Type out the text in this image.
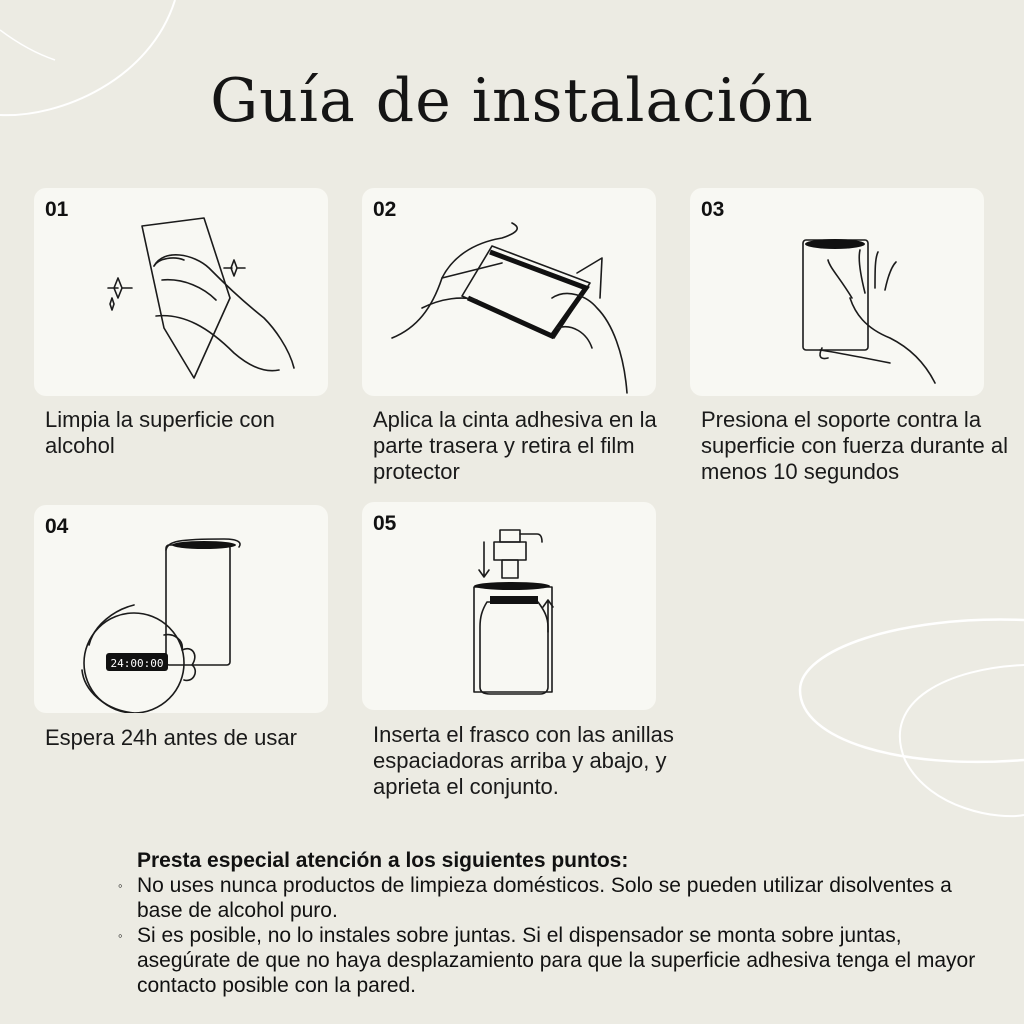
Guía de instalación
01
Limpia la superficie con alcohol
02
Aplica la cinta adhesiva en la parte trasera y retira el film protector
03
Presiona el soporte contra la superficie con fuerza durante al menos 10 segundos
24:00:00
04
Espera 24h antes de usar
05
Inserta el frasco con las anillas espaciadoras arriba y abajo, y aprieta el conjunto.
Presta especial atención a los siguientes puntos:
◦ No uses nunca productos de limpieza domésticos. Solo se pueden utilizar disolventes a base de alcohol puro.
◦ Si es posible, no lo instales sobre juntas. Si el dispensador se monta sobre juntas, asegúrate de que no haya desplazamiento para que la superficie adhesiva tenga el mayor contacto posible con la pared.
